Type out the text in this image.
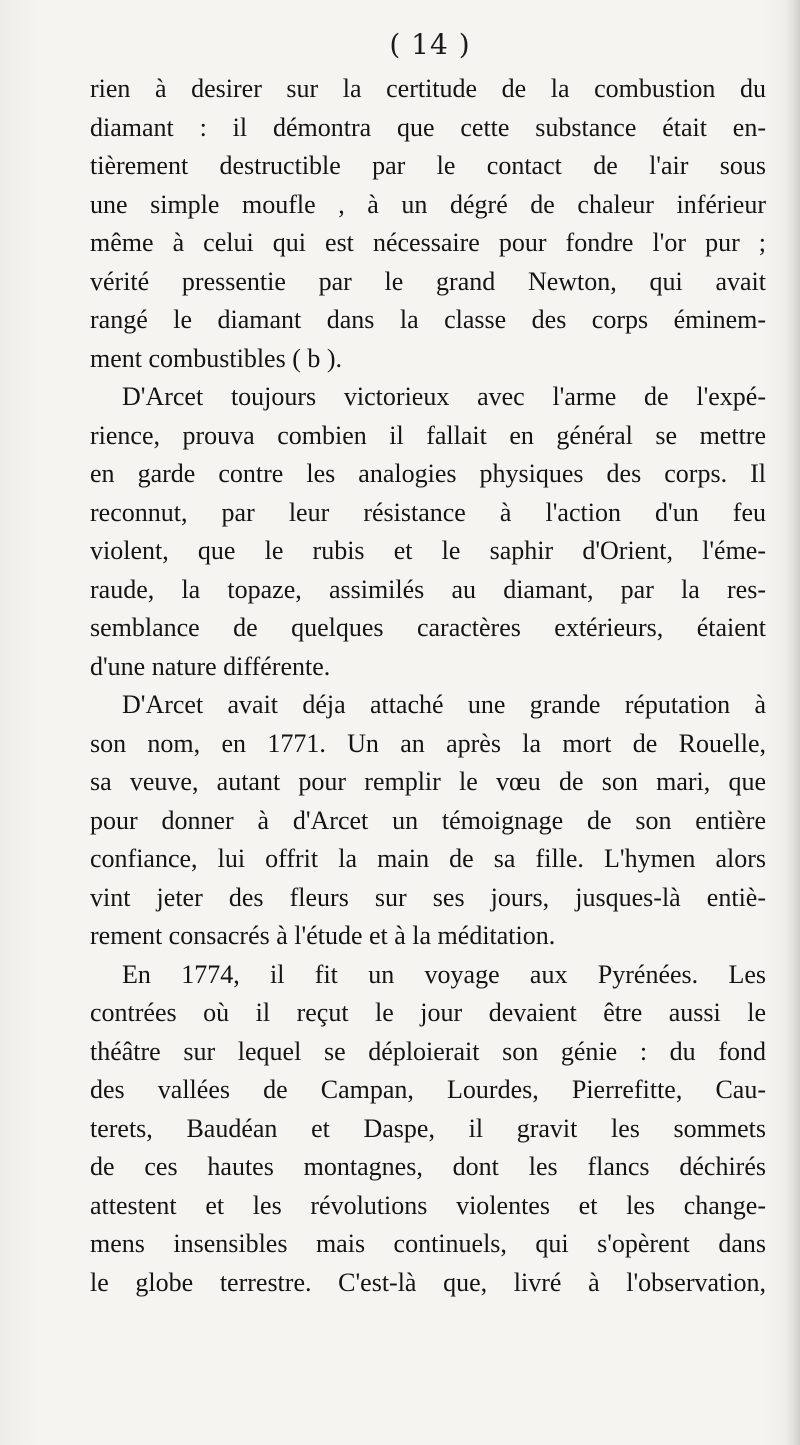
( 14 )
rien à desirer sur la certitude de la combustion du
diamant : il démontra que cette substance était en-
tièrement destructible par le contact de l'air sous
une simple moufle , à un dégré de chaleur inférieur
même à celui qui est nécessaire pour fondre l'or pur ;
vérité pressentie par le grand Newton, qui avait
rangé le diamant dans la classe des corps éminem-
ment combustibles ( b ).
D'Arcet toujours victorieux avec l'arme de l'expé-
rience, prouva combien il fallait en général se mettre
en garde contre les analogies physiques des corps. Il
reconnut, par leur résistance à l'action d'un feu
violent, que le rubis et le saphir d'Orient, l'éme-
raude, la topaze, assimilés au diamant, par la res-
semblance de quelques caractères extérieurs, étaient
d'une nature différente.
D'Arcet avait déja attaché une grande réputation à
son nom, en 1771. Un an après la mort de Rouelle,
sa veuve, autant pour remplir le vœu de son mari, que
pour donner à d'Arcet un témoignage de son entière
confiance, lui offrit la main de sa fille. L'hymen alors
vint jeter des fleurs sur ses jours, jusques-là entiè-
rement consacrés à l'étude et à la méditation.
En 1774, il fit un voyage aux Pyrénées. Les
contrées où il reçut le jour devaient être aussi le
théâtre sur lequel se déploierait son génie : du fond
des vallées de Campan, Lourdes, Pierrefitte, Cau-
terets, Baudéan et Daspe, il gravit les sommets
de ces hautes montagnes, dont les flancs déchirés
attestent et les révolutions violentes et les change-
mens insensibles mais continuels, qui s'opèrent dans
le globe terrestre. C'est-là que, livré à l'observation,
